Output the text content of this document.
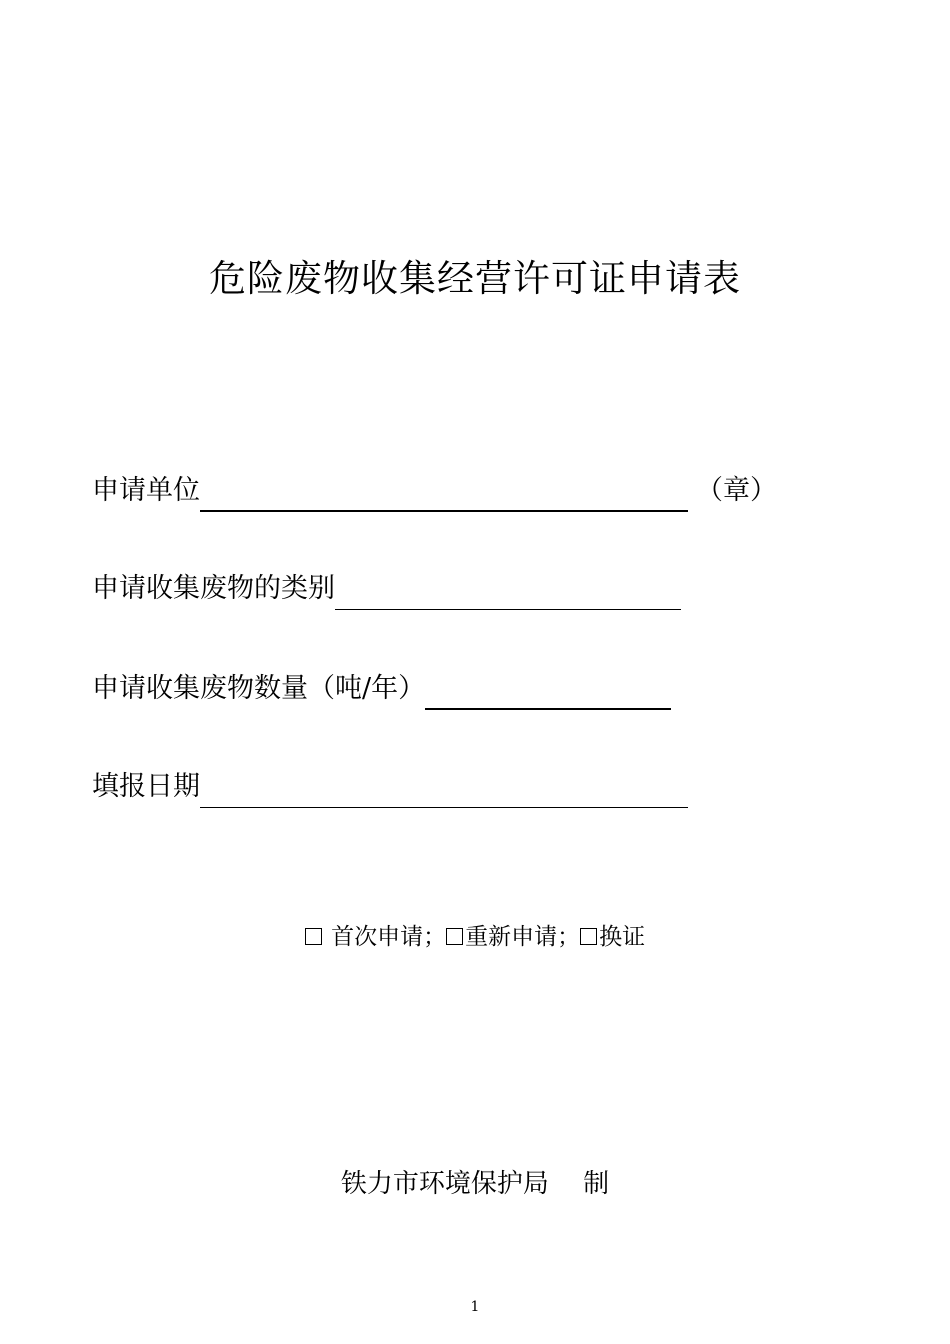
危险废物收集经营许可证申请表
申请单位	（章）
申请收集废物的类别
申请收集废物数量（吨/年）
填报日期
首次申请； 重新申请； 换证
铁力市环境保护局　 制
1
